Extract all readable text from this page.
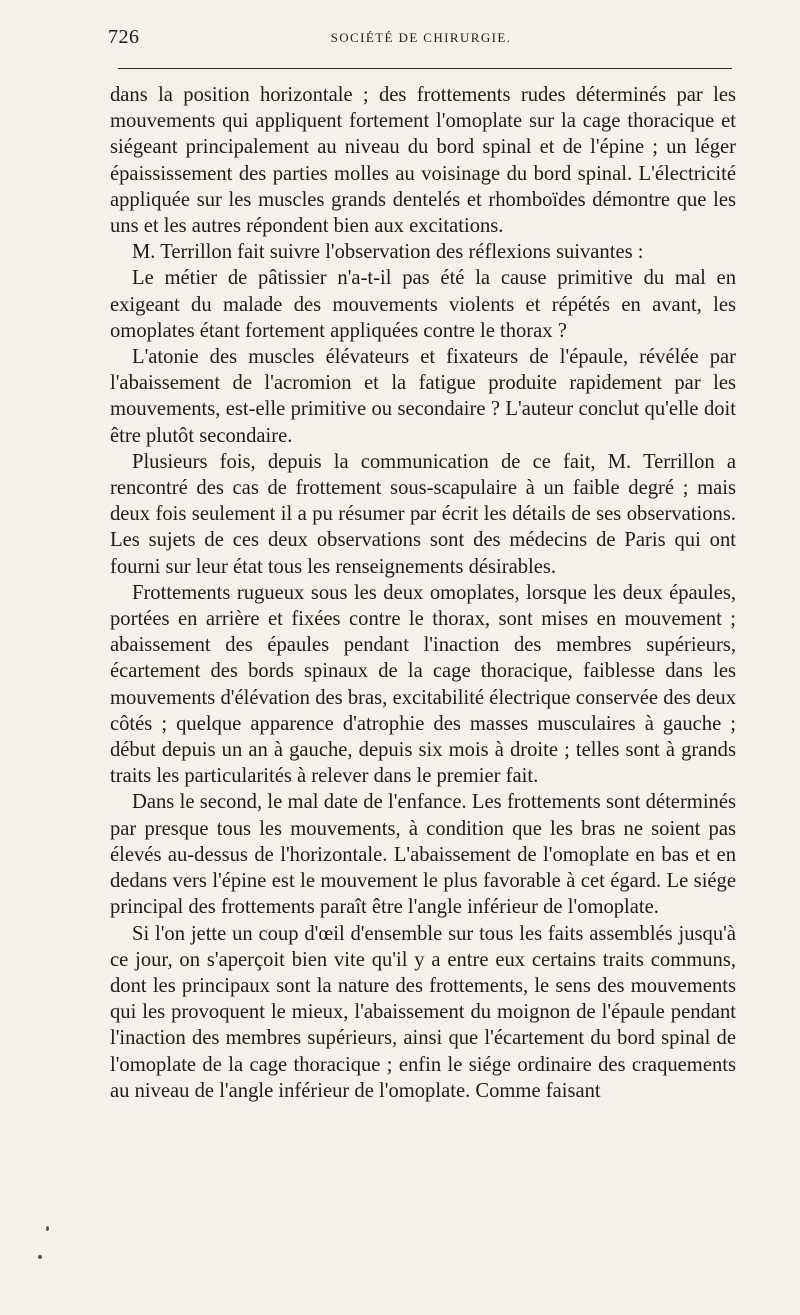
726	SOCIÉTÉ DE CHIRURGIE.

dans la position horizontale ; des frottements rudes déterminés par les mouvements qui appliquent fortement l'omoplate sur la cage thoracique et siégeant principalement au niveau du bord spinal et de l'épine ; un léger épaississement des parties molles au voisinage du bord spinal. L'électricité appliquée sur les muscles grands dentelés et rhomboïdes démontre que les uns et les autres répondent bien aux excitations.

M. Terrillon fait suivre l'observation des réflexions suivantes :

Le métier de pâtissier n'a-t-il pas été la cause primitive du mal en exigeant du malade des mouvements violents et répétés en avant, les omoplates étant fortement appliquées contre le thorax ?

L'atonie des muscles élévateurs et fixateurs de l'épaule, révélée par l'abaissement de l'acromion et la fatigue produite rapidement par les mouvements, est-elle primitive ou secondaire ? L'auteur conclut qu'elle doit être plutôt secondaire.

Plusieurs fois, depuis la communication de ce fait, M. Terrillon a rencontré des cas de frottement sous-scapulaire à un faible degré ; mais deux fois seulement il a pu résumer par écrit les détails de ses observations. Les sujets de ces deux observations sont des médecins de Paris qui ont fourni sur leur état tous les renseignements désirables.

Frottements rugueux sous les deux omoplates, lorsque les deux épaules, portées en arrière et fixées contre le thorax, sont mises en mouvement ; abaissement des épaules pendant l'inaction des membres supérieurs, écartement des bords spinaux de la cage thoracique, faiblesse dans les mouvements d'élévation des bras, excitabilité électrique conservée des deux côtés ; quelque apparence d'atrophie des masses musculaires à gauche ; début depuis un an à gauche, depuis six mois à droite ; telles sont à grands traits les particularités à relever dans le premier fait.

Dans le second, le mal date de l'enfance. Les frottements sont déterminés par presque tous les mouvements, à condition que les bras ne soient pas élevés au-dessus de l'horizontale. L'abaissement de l'omoplate en bas et en dedans vers l'épine est le mouvement le plus favorable à cet égard. Le siége principal des frottements paraît être l'angle inférieur de l'omoplate.

Si l'on jette un coup d'œil d'ensemble sur tous les faits assemblés jusqu'à ce jour, on s'aperçoit bien vite qu'il y a entre eux certains traits communs, dont les principaux sont la nature des frottements, le sens des mouvements qui les provoquent le mieux, l'abaissement du moignon de l'épaule pendant l'inaction des membres supérieurs, ainsi que l'écartement du bord spinal de l'omoplate de la cage thoracique ; enfin le siége ordinaire des craquements au niveau de l'angle inférieur de l'omoplate. Comme faisant
